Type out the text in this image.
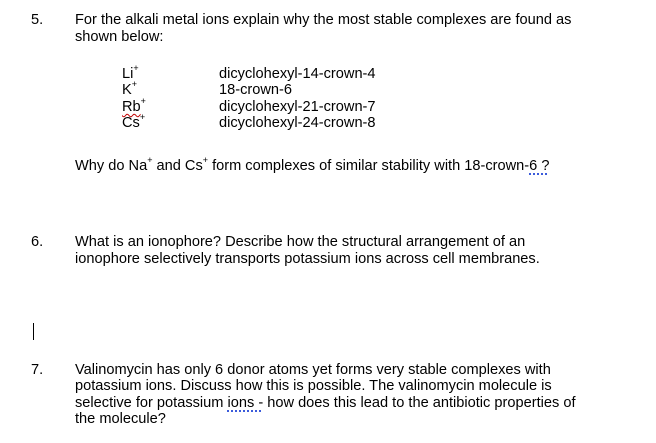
5. For the alkali metal ions explain why the most stable complexes are found as
shown below:
Li+
K+
Rb+
Cs+
dicyclohexyl-14-crown-4
18-crown-6
dicyclohexyl-21-crown-7
dicyclohexyl-24-crown-8
Why do Na+ and Cs+ form complexes of similar stability with 18-crown-6 ?
6. What is an ionophore? Describe how the structural arrangement of an
ionophore selectively transports potassium ions across cell membranes.
7. Valinomycin has only 6 donor atoms yet forms very stable complexes with
potassium ions. Discuss how this is possible. The valinomycin molecule is
selective for potassium ions - how does this lead to the antibiotic properties of
the molecule?
